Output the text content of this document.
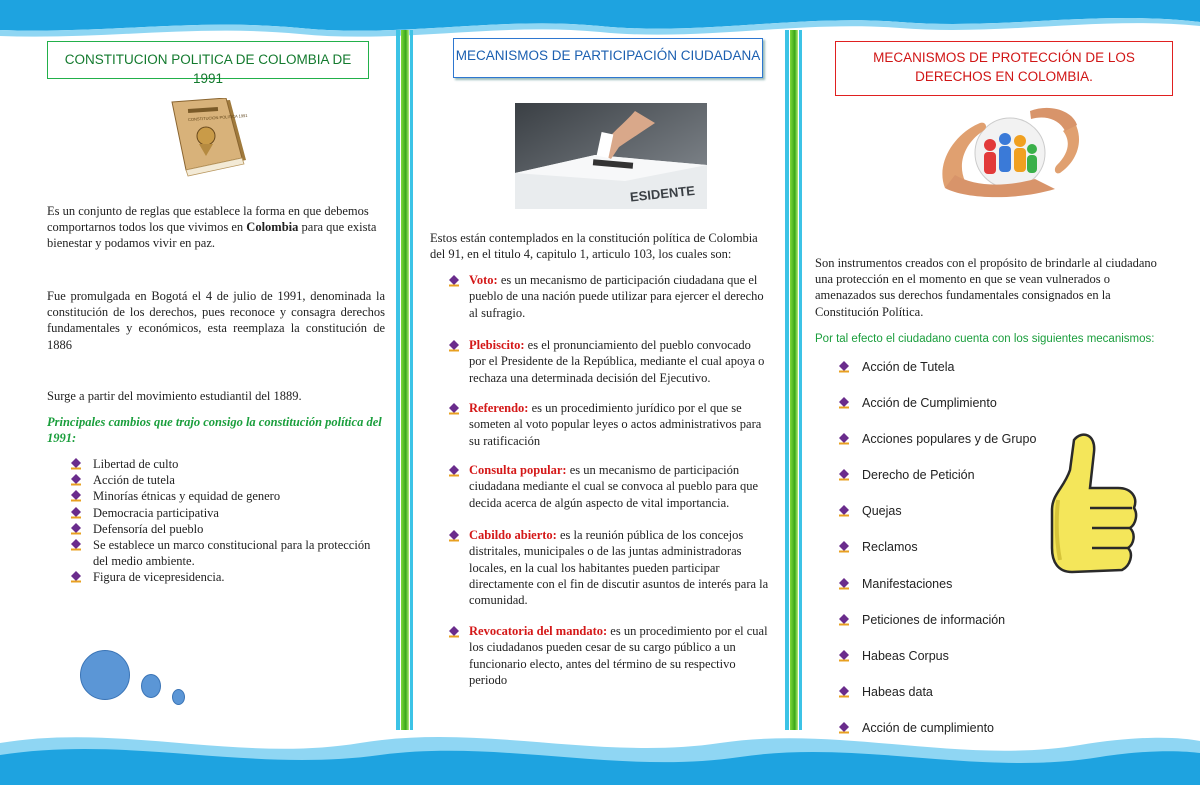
CONSTITUCION POLITICA DE COLOMBIA DE 1991
CONSTITUCION POLITICA 1991
Es un conjunto de reglas que establece la forma en que debemos comportarnos todos los que vivimos en Colombia para que exista bienestar y podamos vivir en paz.
Fue promulgada en Bogotá el 4 de julio de 1991, denominada la constitución de los derechos, pues reconoce y consagra derechos fundamentales y económicos, esta reemplaza la constitución de 1886
Surge a partir del movimiento estudiantil del 1889.
Principales cambios que trajo consigo la constitución política del 1991:
Libertad de culto
Acción de tutela
Minorías étnicas y equidad de genero
Democracia participativa
Defensoría del pueblo
Se establece un marco constitucional para la protección del medio ambiente.
Figura de vicepresidencia.
MECANISMOS DE PARTICIPACIÓN CIUDADANA
ESIDENTE
Estos están contemplados en la constitución política de Colombia del 91, en el titulo 4, capitulo 1, articulo 103, los cuales son:
Voto: es un mecanismo de participación ciudadana que el pueblo de una nación puede utilizar para ejercer el derecho al sufragio.
Plebiscito: es el pronunciamiento del pueblo convocado por el Presidente de la República, mediante el cual apoya o rechaza una determinada decisión del Ejecutivo.
Referendo: es un procedimiento jurídico por el que se someten al voto popular leyes o actos administrativos para su ratificación
Consulta popular: es un mecanismo de participación ciudadana mediante el cual se convoca al pueblo para que decida acerca de algún aspecto de vital importancia.
Cabildo abierto: es la reunión pública de los concejos distritales, municipales o de las juntas administradoras locales, en la cual los habitantes pueden participar directamente con el fin de discutir asuntos de interés para la comunidad.
Revocatoria del mandato: es un procedimiento por el cual los ciudadanos pueden cesar de su cargo público a un funcionario electo, antes del término de su respectivo periodo
MECANISMOS DE PROTECCIÓN DE LOS DERECHOS EN COLOMBIA.
Son instrumentos creados con el propósito de brindarle al ciudadano una protección en el momento en que se vean vulnerados o amenazados sus derechos fundamentales consignados en la Constitución Política.
Por tal efecto el ciudadano cuenta con los siguientes mecanismos:
Acción de Tutela
Acción de Cumplimiento
Acciones populares y de Grupo
Derecho de Petición
Quejas
Reclamos
Manifestaciones
Peticiones de información
Habeas Corpus
Habeas data
Acción de cumplimiento
